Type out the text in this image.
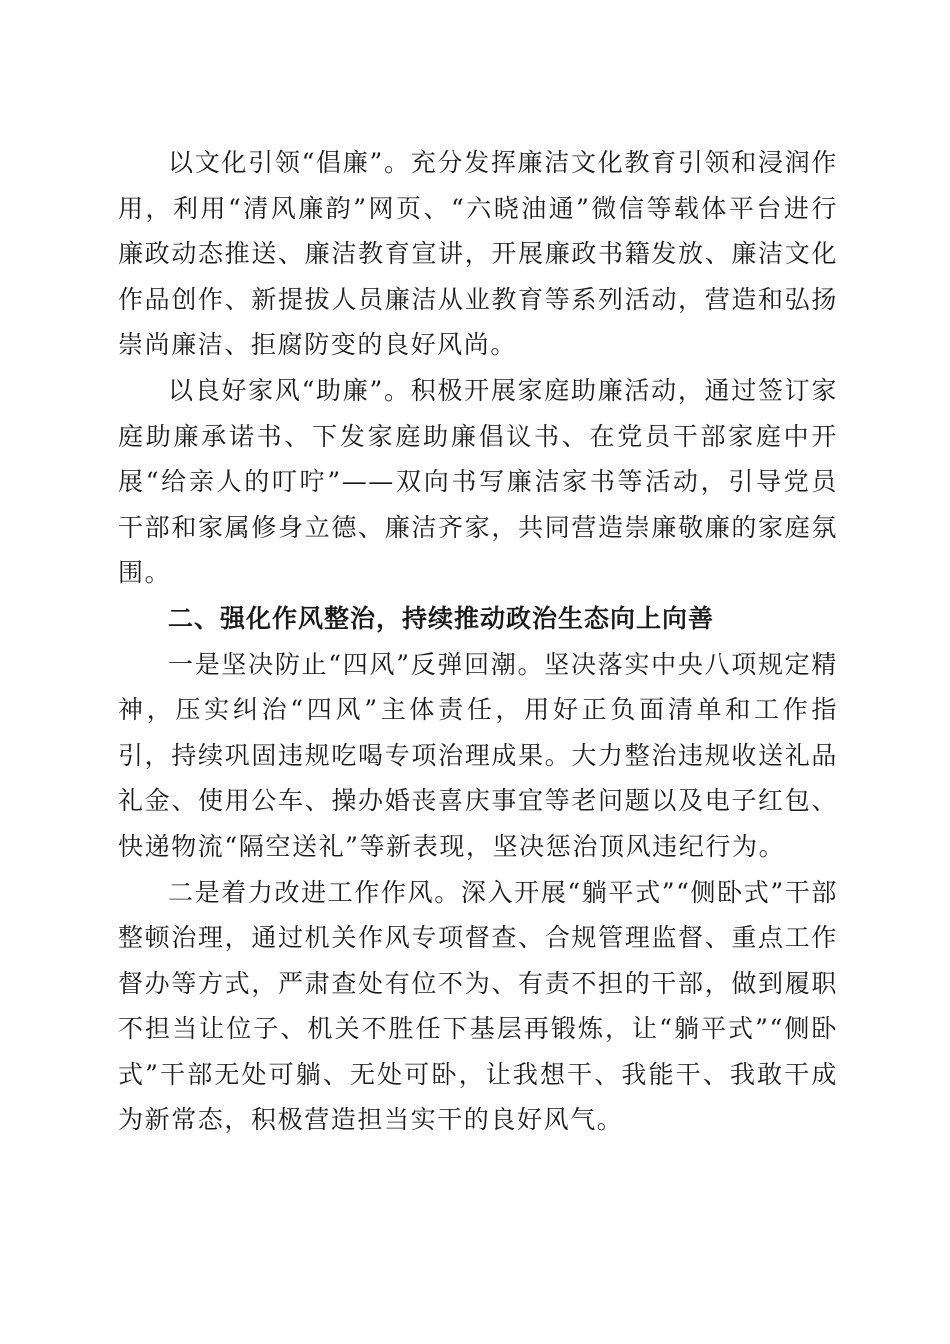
以文化引领“倡廉”。充分发挥廉洁文化教育引领和浸润作用，利用“清风廉韵”网页、“六晓油通”微信等载体平台进行廉政动态推送、廉洁教育宣讲，开展廉政书籍发放、廉洁文化作品创作、新提拔人员廉洁从业教育等系列活动，营造和弘扬崇尚廉洁、拒腐防变的良好风尚。

以良好家风“助廉”。积极开展家庭助廉活动，通过签订家庭助廉承诺书、下发家庭助廉倡议书、在党员干部家庭中开展“给亲人的叮咛”——双向书写廉洁家书等活动，引导党员干部和家属修身立德、廉洁齐家，共同营造崇廉敬廉的家庭氛围。

二、强化作风整治，持续推动政治生态向上向善

一是坚决防止“四风”反弹回潮。坚决落实中央八项规定精神，压实纠治“四风”主体责任，用好正负面清单和工作指引，持续巩固违规吃喝专项治理成果。大力整治违规收送礼品礼金、使用公车、操办婚丧喜庆事宜等老问题以及电子红包、快递物流“隔空送礼”等新表现，坚决惩治顶风违纪行为。

二是着力改进工作作风。深入开展“躺平式”“侧卧式”干部整顿治理，通过机关作风专项督查、合规管理监督、重点工作督办等方式，严肃查处有位不为、有责不担的干部，做到履职不担当让位子、机关不胜任下基层再锻炼，让“躺平式”“侧卧式”干部无处可躺、无处可卧，让我想干、我能干、我敢干成为新常态，积极营造担当实干的良好风气。
